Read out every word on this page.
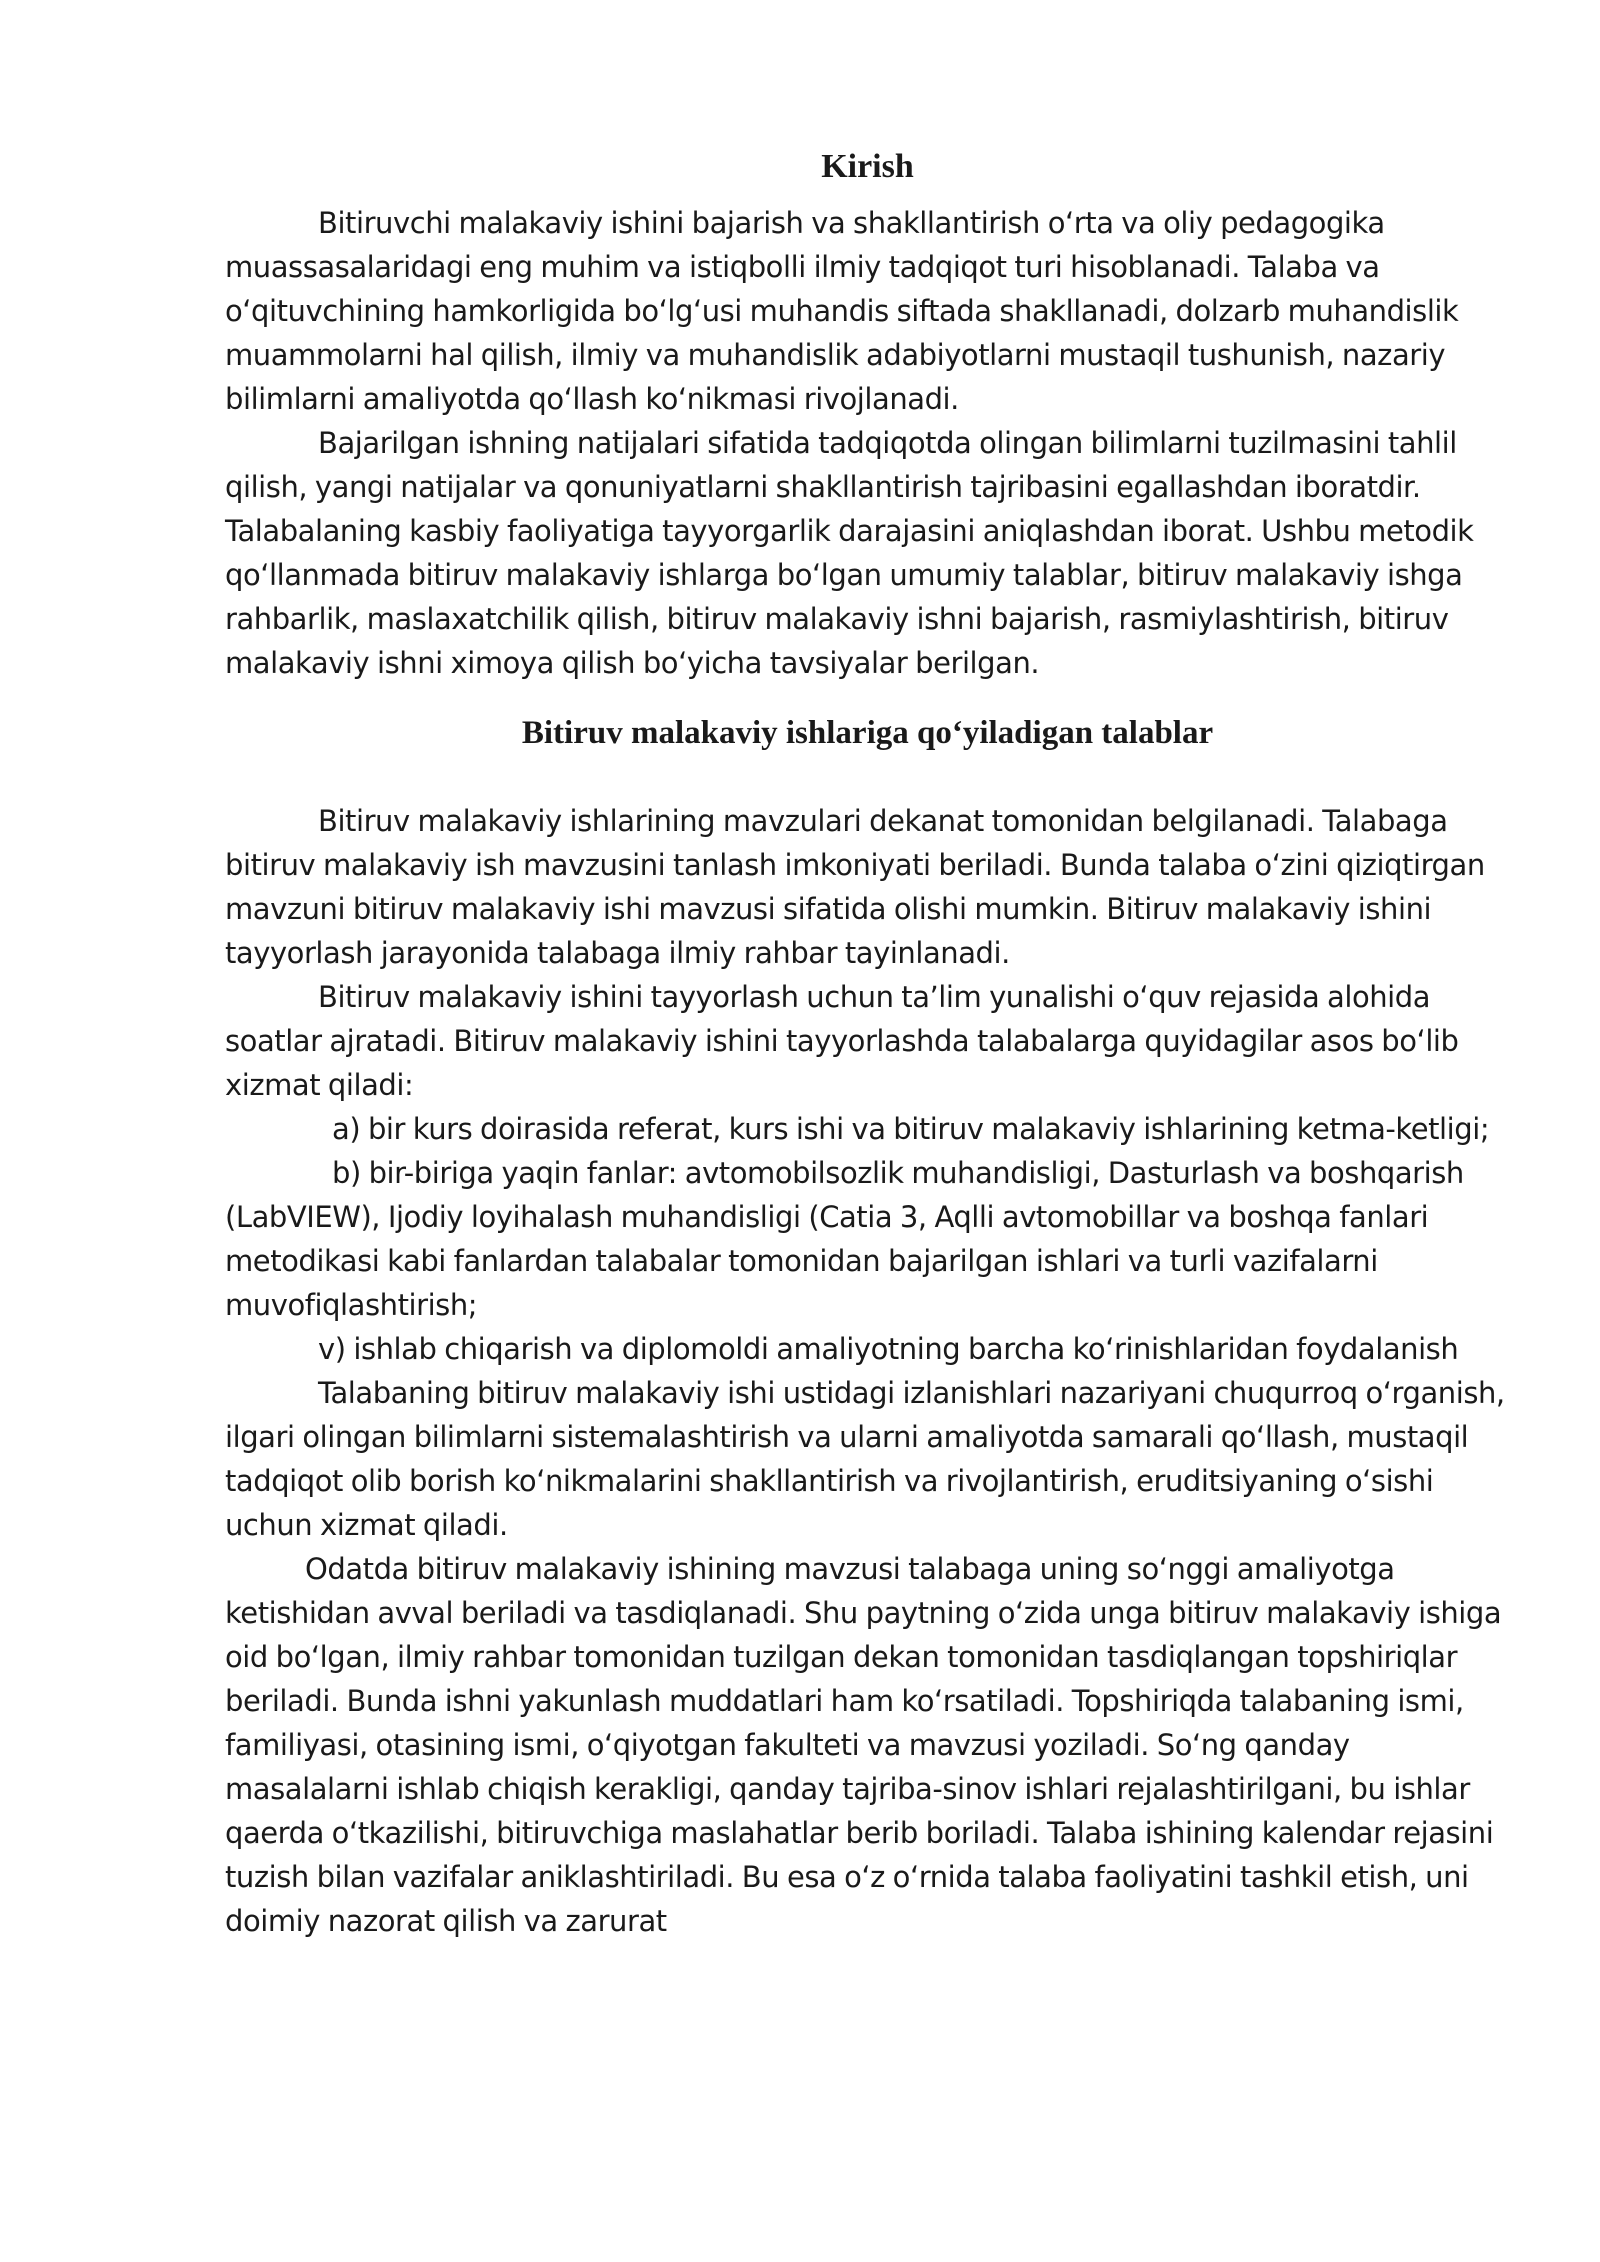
Kirish

Bitiruvchi malakaviy ishini bajarish va shakllantirish o‘rta va oliy pedagogika muassasalaridagi eng muhim va istiqbolli ilmiy tadqiqot turi hisoblanadi. Talaba va o‘qituvchining hamkorligida bo‘lg‘usi muhandis siftada shakllanadi, dolzarb muhandislik muammolarni hal qilish, ilmiy va muhandislik adabiyotlarni mustaqil tushunish, nazariy bilimlarni amaliyotda qo‘llash ko‘nikmasi rivojlanadi.

Bajarilgan ishning natijalari sifatida tadqiqotda olingan bilimlarni tuzilmasini tahlil qilish, yangi natijalar va qonuniyatlarni shakllantirish tajribasini egallashdan iboratdir. Talabalaning kasbiy faoliyatiga tayyorgarlik darajasini aniqlashdan iborat. Ushbu metodik qo‘llanmada bitiruv malakaviy ishlarga bo‘lgan umumiy talablar, bitiruv malakaviy ishga rahbarlik, maslaxatchilik qilish, bitiruv malakaviy ishni bajarish, rasmiylashtirish, bitiruv malakaviy ishni ximoya qilish bo‘yicha tavsiyalar berilgan.

Bitiruv malakaviy ishlariga qo‘yiladigan talablar

Bitiruv malakaviy ishlarining mavzulari dekanat tomonidan belgilanadi. Talabaga bitiruv malakaviy ish mavzusini tanlash imkoniyati beriladi. Bunda talaba o‘zini qiziqtirgan mavzuni bitiruv malakaviy ishi mavzusi sifatida olishi mumkin. Bitiruv malakaviy ishini tayyorlash jarayonida talabaga ilmiy rahbar tayinlanadi.

Bitiruv malakaviy ishini tayyorlash uchun ta’lim yunalishi o‘quv rejasida alohida soatlar ajratadi. Bitiruv malakaviy ishini tayyorlashda talabalarga quyidagilar asos bo‘lib xizmat qiladi:

a) bir kurs doirasida referat, kurs ishi va bitiruv malakaviy ishlarining ketma-ketligi;

b) bir-biriga yaqin fanlar: avtomobilsozlik muhandisligi, Dasturlash va boshqarish (LabVIEW), Ijodiy loyihalash muhandisligi (Catia 3, Aqlli avtomobillar va boshqa fanlari metodikasi kabi fanlardan talabalar tomonidan bajarilgan ishlari va turli vazifalarni muvofiqlashtirish;

v) ishlab chiqarish va diplomoldi amaliyotning barcha ko‘rinishlaridan foydalanish

Talabaning bitiruv malakaviy ishi ustidagi izlanishlari nazariyani chuqurroq o‘rganish, ilgari olingan bilimlarni sistemalashtirish va ularni amaliyotda samarali qo‘llash, mustaqil tadqiqot olib borish ko‘nikmalarini shakllantirish va rivojlantirish, eruditsiyaning o‘sishi uchun xizmat qiladi.

Odatda bitiruv malakaviy ishining mavzusi talabaga uning so‘nggi amaliyotga ketishidan avval beriladi va tasdiqlanadi. Shu paytning o‘zida unga bitiruv malakaviy ishiga oid bo‘lgan, ilmiy rahbar tomonidan tuzilgan dekan tomonidan tasdiqlangan topshiriqlar beriladi. Bunda ishni yakunlash muddatlari ham ko‘rsatiladi. Topshiriqda talabaning ismi, familiyasi, otasining ismi, o‘qiyotgan fakulteti va mavzusi yoziladi. So‘ng qanday masalalarni ishlab chiqish kerakligi, qanday tajriba-sinov ishlari rejalashtirilgani, bu ishlar qaerda o‘tkazilishi, bitiruvchiga maslahatlar berib boriladi. Talaba ishining kalendar rejasini tuzish bilan vazifalar aniklashtiriladi. Bu esa o‘z o‘rnida talaba faoliyatini tashkil etish, uni doimiy nazorat qilish va zarurat
